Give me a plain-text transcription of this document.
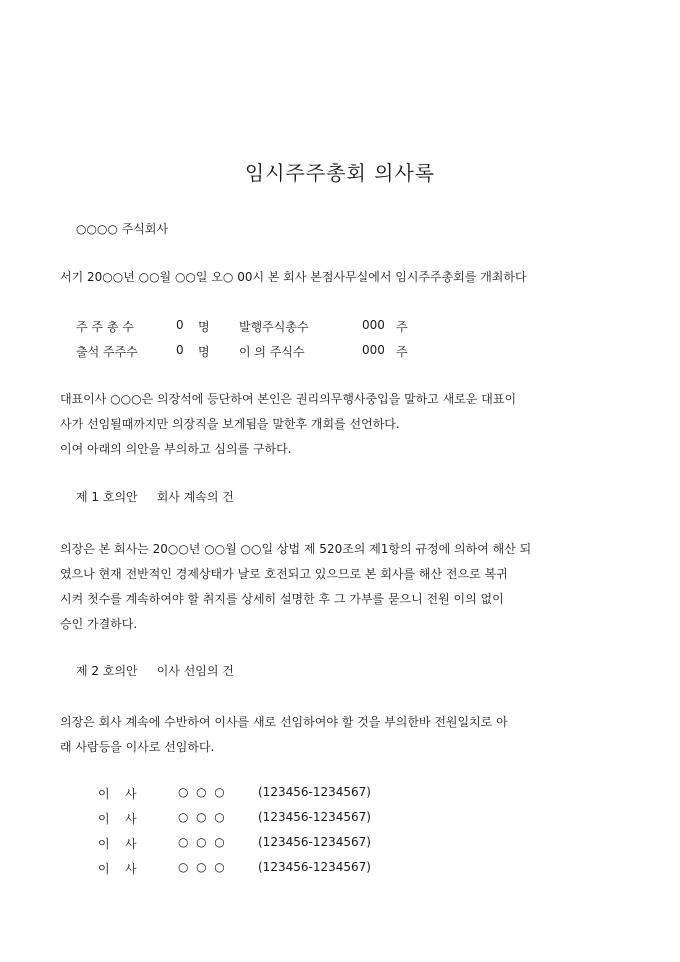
임시주주총회 의사록
○○○○ 주식회사
서기 20○○년 ○○월 ○○일 오○ 00시 본 회사 본점사무실에서 임시주주총회를 개최하다
주 주 총 수	0 명 발행주식총수	000 주
출석 주주수	0 명 이 의 주식수	000 주
대표이사 ○○○은 의장석에 등단하여 본인은 권리의무행사중입을 말하고 새로운 대표이
사가 선임될때까지만 의장직을 보게됨을 말한후 개회를 선언하다.
이여 아래의 의안을 부의하고 심의를 구하다.
제 1 호의안     회사 계속의 건
의장은 본 회사는 20○○년 ○○월 ○○일 상법 제 520조의 제1항의 규정에 의하여 해산 되
였으나 현재 전반적인 경제상태가 날로 호전되고 있으므로 본 회사를 해산 전으로 복귀
시켜 첫수를 계속하여야 할 취지를 상세히 설명한 후 그 가부를 묻으니 전원 이의 없이
승인 가결하다.
제 2 호의안     이사 선임의 건
의장은 회사 계속에 수반하여 이사를 새로 선임하여야 할 것을 부의한바 전원일치로 아
래 사람등을 이사로 선임하다.
이    사	○  ○  ○	(123456-1234567)
이    사	○  ○  ○	(123456-1234567)
이    사	○  ○  ○	(123456-1234567)
이    사	○  ○  ○	(123456-1234567)
